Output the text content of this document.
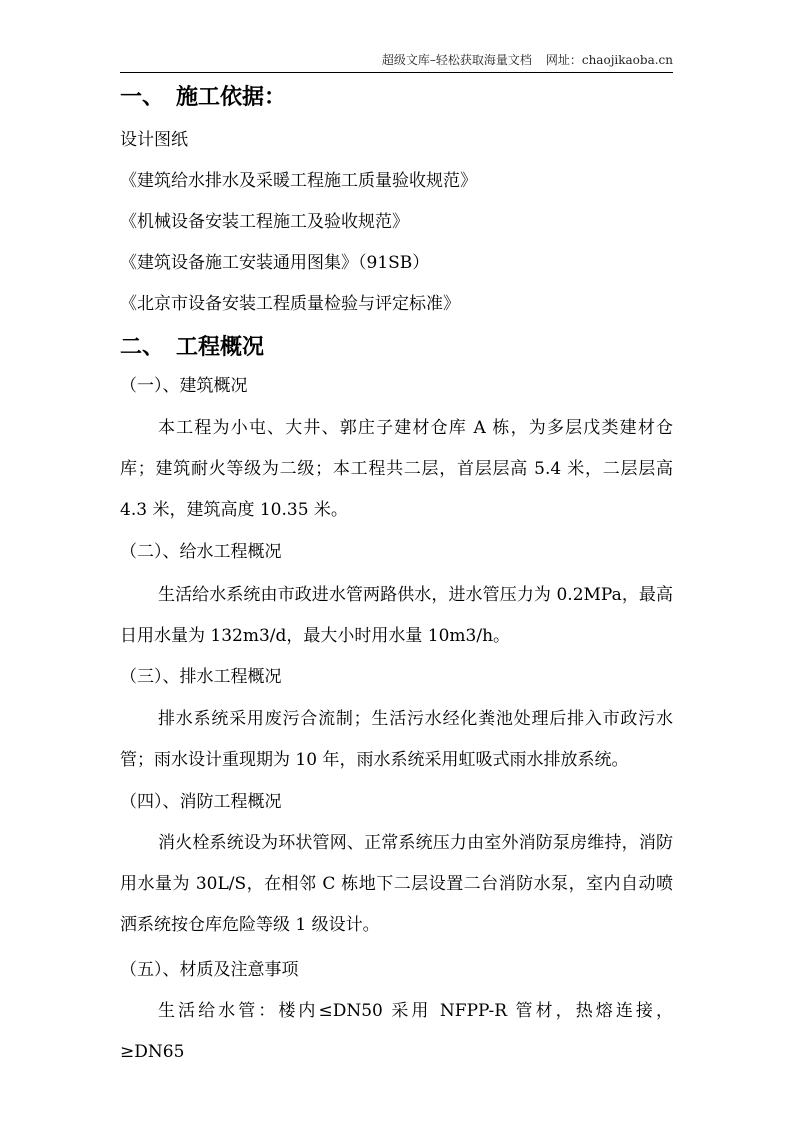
超级文库–轻松获取海量文档 网址：chaojikaoba.cn
一、 施工依据：
设计图纸
《建筑给水排水及采暖工程施工质量验收规范》
《机械设备安装工程施工及验收规范》
《建筑设备施工安装通用图集》（91SB）
《北京市设备安装工程质量检验与评定标准》
二、 工程概况
（一）、建筑概况

本工程为小屯、大井、郭庄子建材仓库 A 栋，为多层戊类建材仓库；建筑耐火等级为二级；本工程共二层，首层层高 5.4 米，二层层高 4.3 米，建筑高度 10.35 米。

（二）、给水工程概况

生活给水系统由市政进水管两路供水，进水管压力为 0.2MPa，最高日用水量为 132m3/d，最大小时用水量 10m3/h。

（三）、排水工程概况

排水系统采用废污合流制；生活污水经化粪池处理后排入市政污水管；雨水设计重现期为 10 年，雨水系统采用虹吸式雨水排放系统。

（四）、消防工程概况

消火栓系统设为环状管网、正常系统压力由室外消防泵房维持，消防用水量为 30L/S，在相邻 C 栋地下二层设置二台消防水泵，室内自动喷洒系统按仓库危险等级 1 级设计。

（五）、材质及注意事项

生活给水管：楼内≤DN50 采用 NFPP-R 管材，热熔连接，≥DN65
